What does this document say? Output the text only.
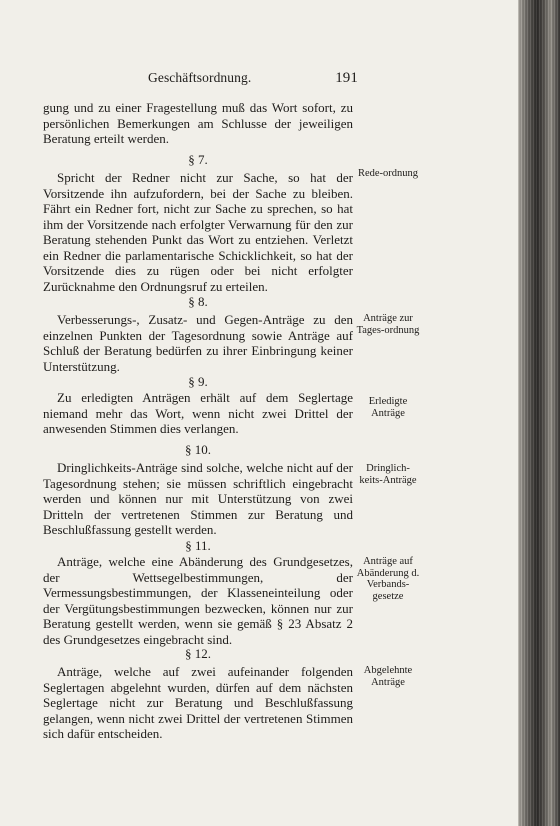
Geschäftsordnung.	191
gung und zu einer Fragestellung muß das Wort sofort, zu persönlichen Bemerkungen am Schlusse der jeweiligen Beratung erteilt werden.
§ 7.
Spricht der Redner nicht zur Sache, so hat der Vorsitzende ihn aufzufordern, bei der Sache zu bleiben. Fährt ein Redner fort, nicht zur Sache zu sprechen, so hat ihm der Vorsitzende nach erfolgter Verwarnung für den zur Beratung stehenden Punkt das Wort zu entziehen. Verletzt ein Redner die parlamentarische Schicklichkeit, so hat der Vorsitzende dies zu rügen oder bei nicht erfolgter Zurücknahme den Ordnungsruf zu erteilen.
Rede-ordnung
§ 8.
Verbesserungs-, Zusatz- und Gegen-Anträge zu den einzelnen Punkten der Tagesordnung sowie Anträge auf Schluß der Beratung bedürfen zu ihrer Einbringung keiner Unterstützung.
Anträge zur Tages-ordnung
§ 9.
Zu erledigten Anträgen erhält auf dem Seglertage niemand mehr das Wort, wenn nicht zwei Drittel der anwesenden Stimmen dies verlangen.
Erledigte Anträge
§ 10.
Dringlichkeits-Anträge sind solche, welche nicht auf der Tagesordnung stehen; sie müssen schriftlich eingebracht werden und können nur mit Unterstützung von zwei Dritteln der vertretenen Stimmen zur Beratung und Beschlußfassung gestellt werden.
Dringlich-keits-Anträge
§ 11.
Anträge, welche eine Abänderung des Grundgesetzes, der Wettsegelbestimmungen, der Vermessungsbestimmungen, der Klasseneinteilung oder der Vergütungsbestimmungen bezwecken, können nur zur Beratung gestellt werden, wenn sie gemäß § 23 Absatz 2 des Grundgesetzes eingebracht sind.
Anträge auf Abänderung d. Verbands-gesetze
§ 12.
Anträge, welche auf zwei aufeinander folgenden Seglertagen abgelehnt wurden, dürfen auf dem nächsten Seglertage nicht zur Beratung und Beschlußfassung gelangen, wenn nicht zwei Drittel der vertretenen Stimmen sich dafür entscheiden.
Abgelehnte Anträge
